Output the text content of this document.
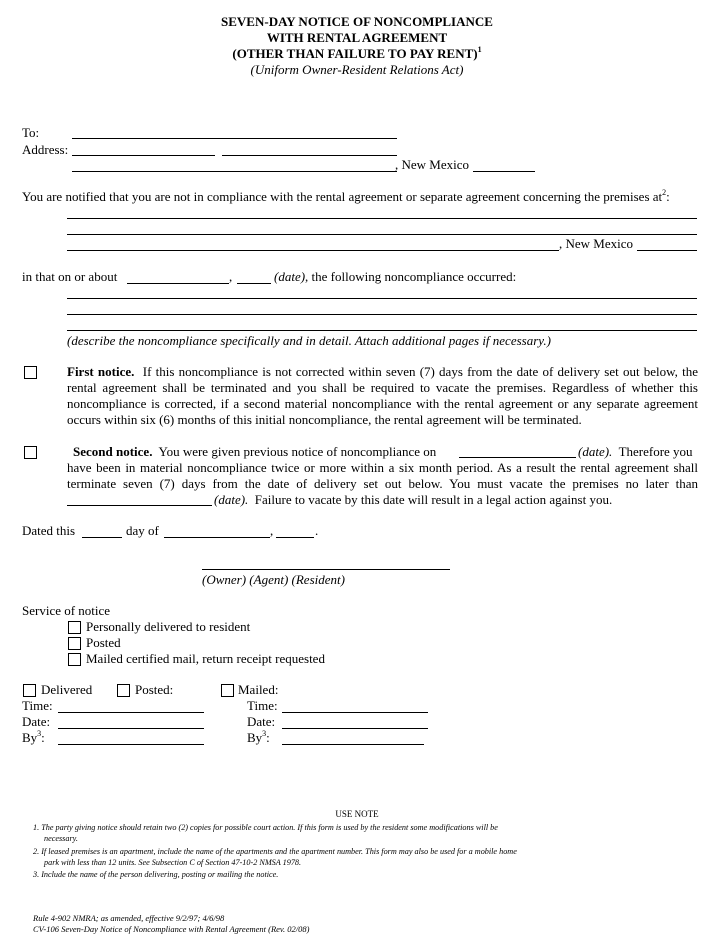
SEVEN-DAY NOTICE OF NONCOMPLIANCE
WITH RENTAL AGREEMENT
(OTHER THAN FAILURE TO PAY RENT)$^1$
(Uniform Owner-Resident Relations Act)
To:
Address:
, New Mexico
You are notified that you are not in compliance with the rental agreement or separate agreement concerning the premises $at^2$:
, New Mexico
in that on or about	,	(date), the following noncompliance occurred:
(describe the noncompliance specifically and in detail. Attach additional pages if necessary.)
First notice. If this noncompliance is not corrected within seven (7) days from the date of delivery set out below, the
rental agreement shall be terminated and you shall be required to vacate the premises. Regardless of whether this
noncompliance is corrected, if a second material noncompliance with the rental agreement or any separate agreement
occurs within six (6) months of this initial noncompliance, the rental agreement will be terminated.
Second notice. You were given previous notice of noncompliance on	(date). Therefore you
have been in material noncompliance twice or more within a six month period. As a result the rental agreement shall
terminate seven (7) days from the date of delivery set out below. You must vacate the premises no later than
(date). Failure to vacate by this date will result in a legal action against you.
Dated this	day of	,	.
(Owner) (Agent) (Resident)
Service of notice
Personally delivered to resident
Posted
Mailed certified mail, return receipt requested
Delivered	Posted:	Mailed:
Time:	Time:
Date:	Date:
By$^3$:	By$^3$:
USE NOTE
1. The party giving notice should retain two (2) copies for possible court action. If this form is used by the resident some modifications will be
necessary.
2. If leased premises is an apartment, include the name of the apartments and the apartment number. This form may also be used for a mobile home
park with less than 12 units. See Subsection C of Section 47-10-2 NMSA 1978.
3. Include the name of the person delivering, posting or mailing the notice.
Rule 4-902 NMRA; as amended, effective 9/2/97; 4/6/98
CV-106 Seven-Day Notice of Noncompliance with Rental Agreement (Rev. 02/08)
